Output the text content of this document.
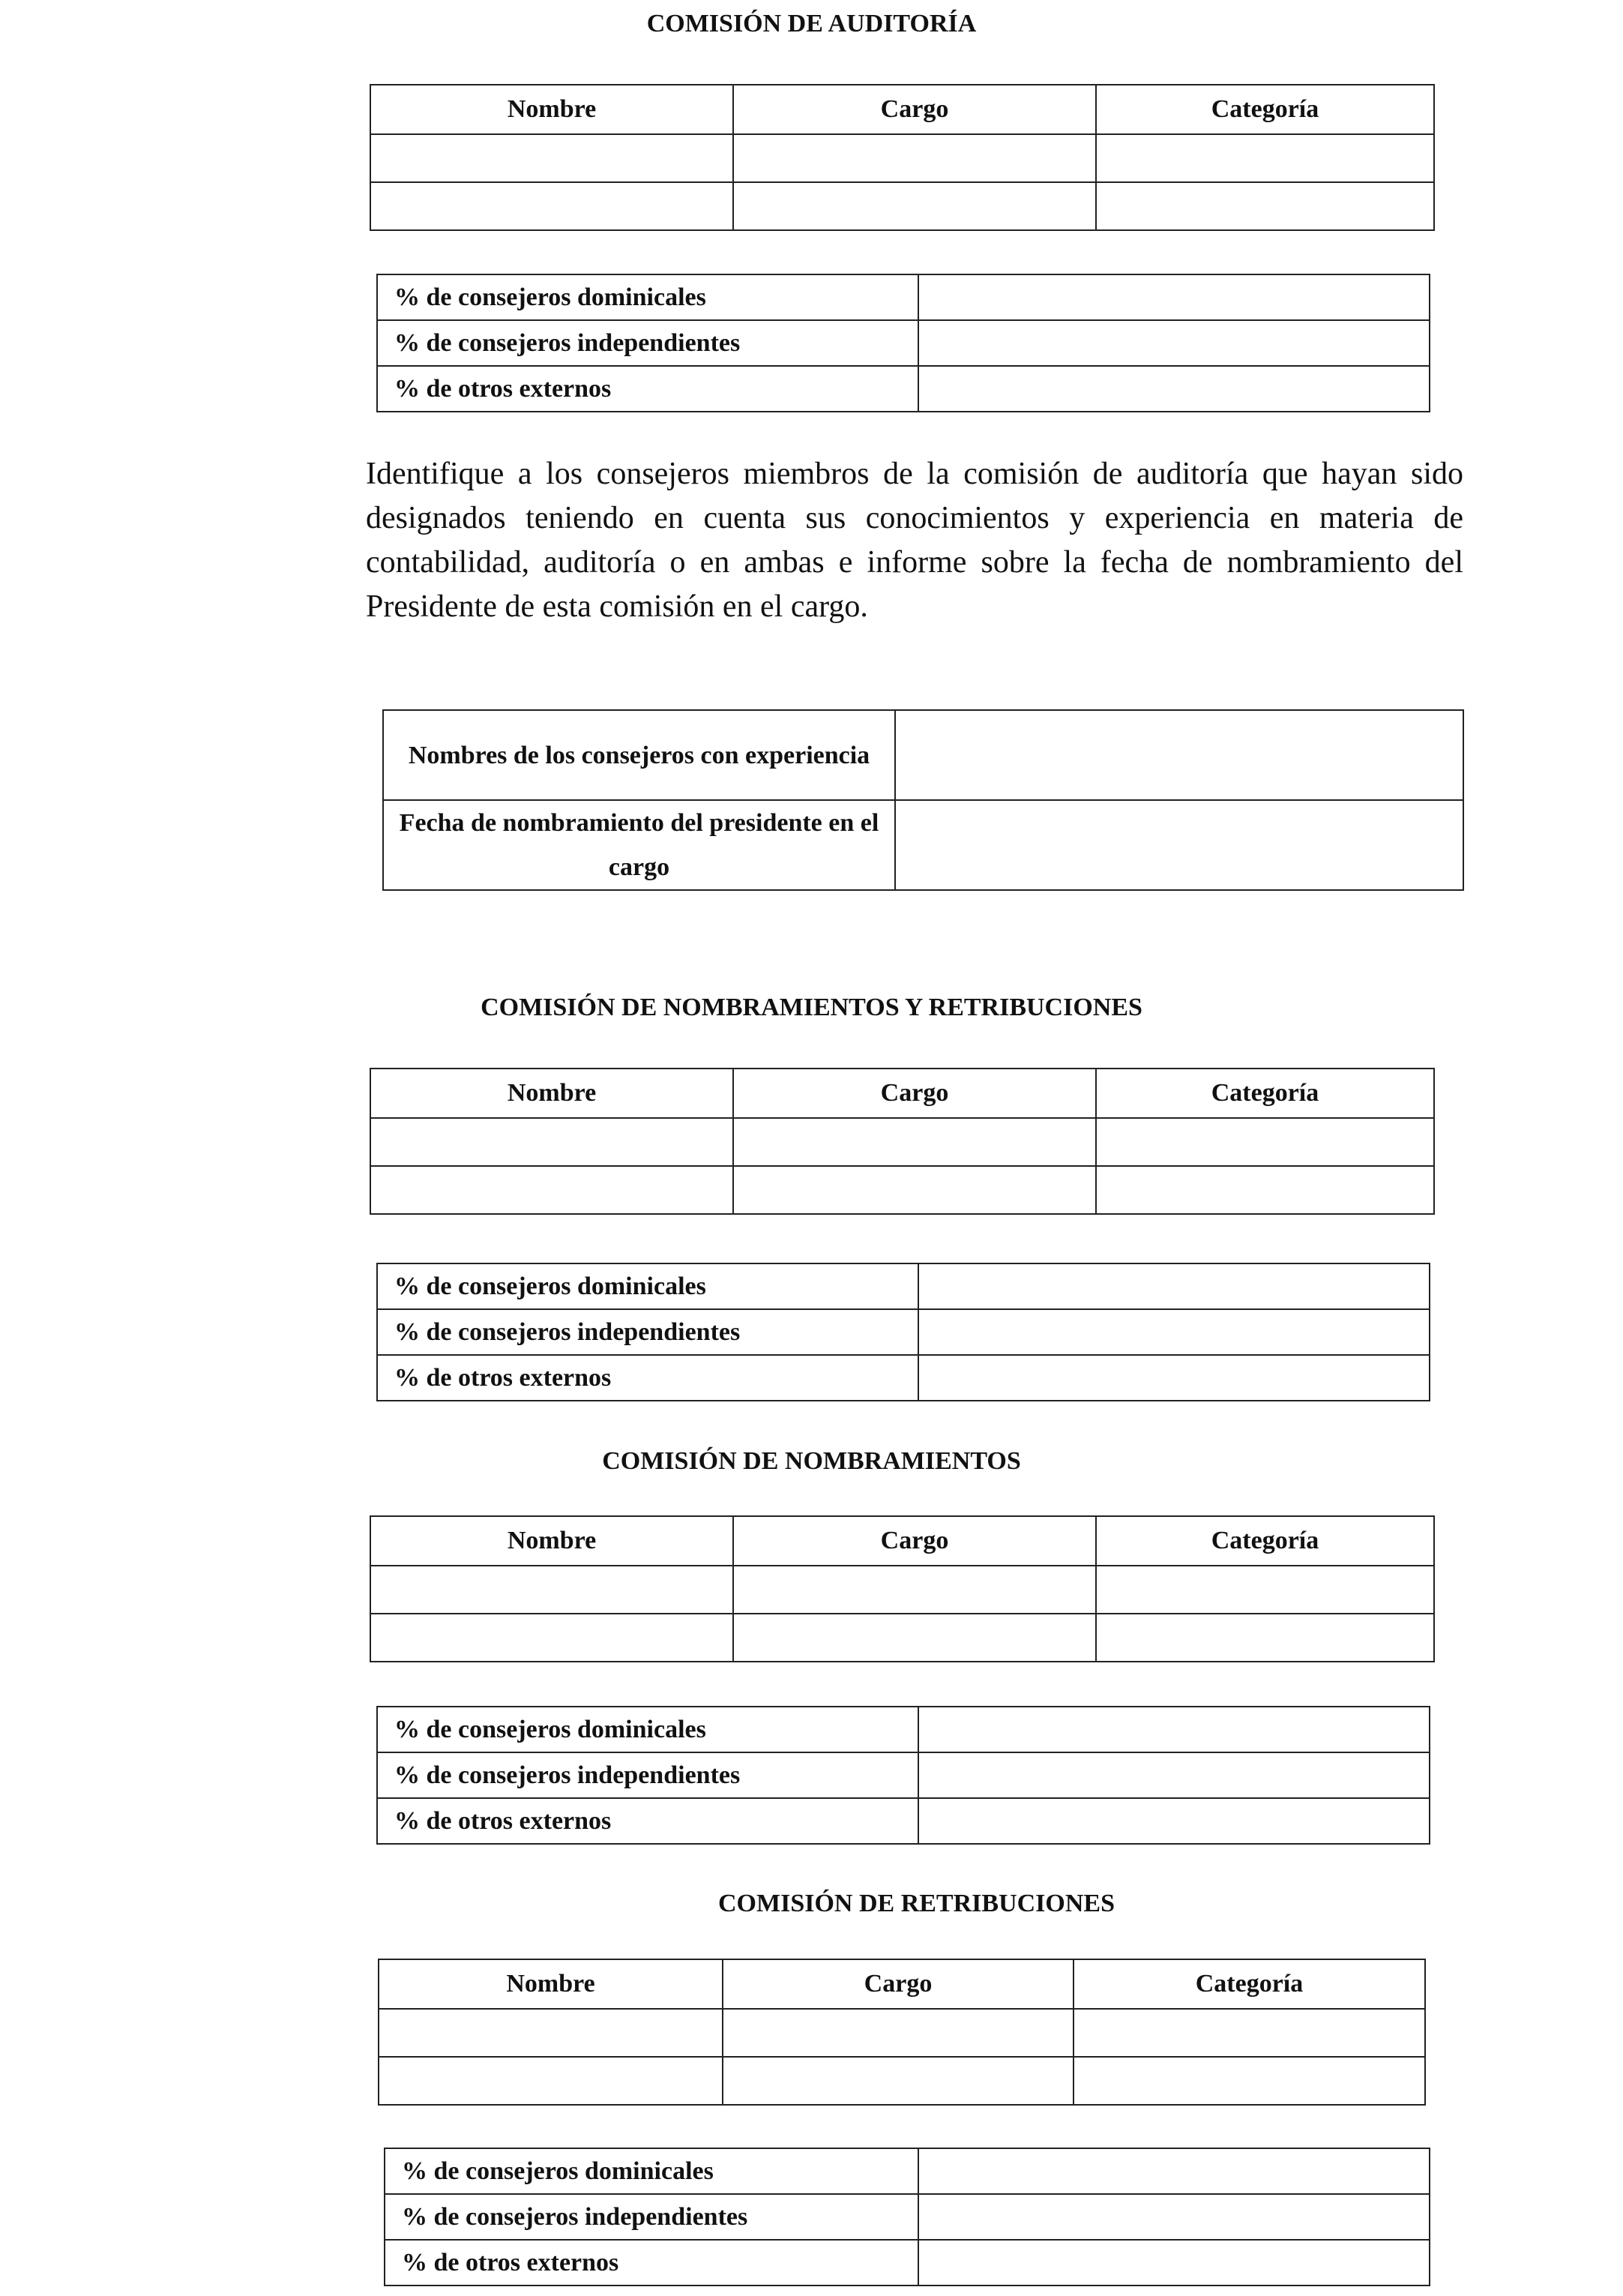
COMISIÓN DE AUDITORÍA
Nombre	Cargo	Categoría

% de consejeros dominicales	
% de consejeros independientes	
% de otros externos	

Identifique a los consejeros miembros de la comisión de auditoría que hayan sido designados teniendo en cuenta sus conocimientos y experiencia en materia de contabilidad, auditoría o en ambas e informe sobre la fecha de nombramiento del Presidente de esta comisión en el cargo.

Nombres de los consejeros con experiencia	
Fecha de nombramiento del presidente en el cargo	
COMISIÓN DE NOMBRAMIENTOS Y RETRIBUCIONES
Nombre	Cargo	Categoría

% de consejeros dominicales	
% de consejeros independientes	
% de otros externos	
COMISIÓN DE NOMBRAMIENTOS
Nombre	Cargo	Categoría

% de consejeros dominicales	
% de consejeros independientes	
% de otros externos	
COMISIÓN DE RETRIBUCIONES
Nombre	Cargo	Categoría

% de consejeros dominicales	
% de consejeros independientes	
% de otros externos	
